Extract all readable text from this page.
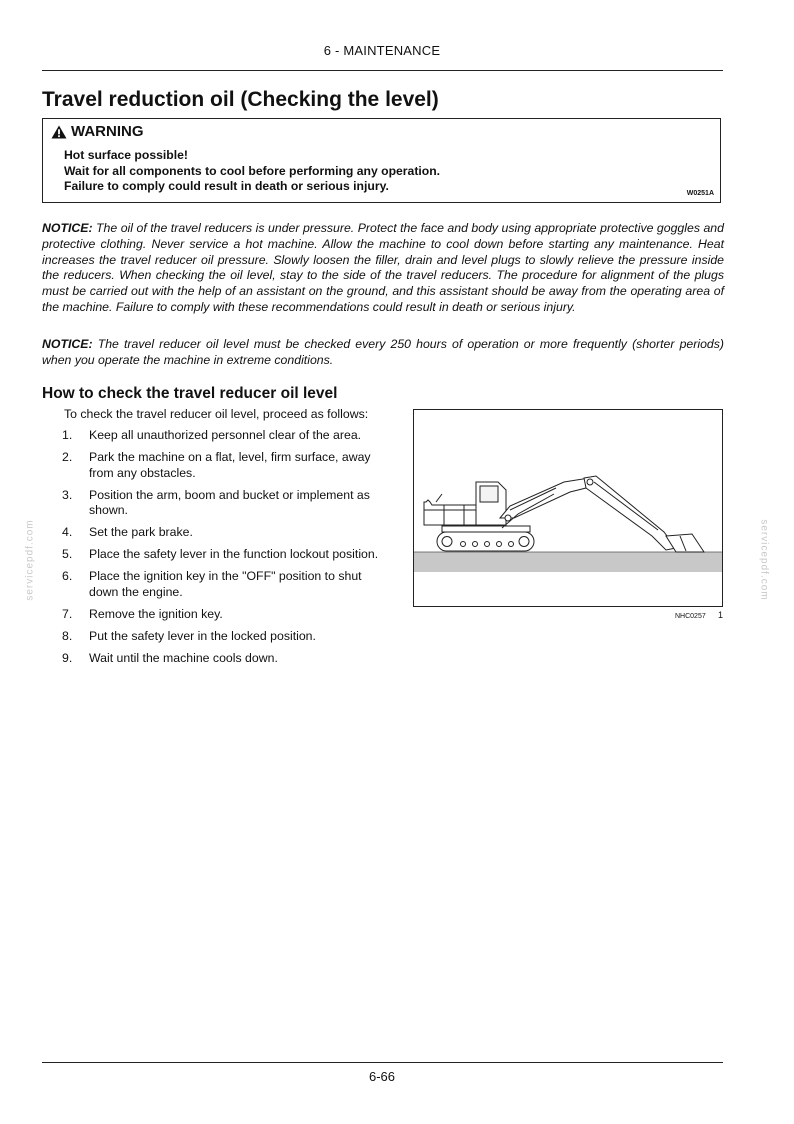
6 - MAINTENANCE
Travel reduction oil (Checking the level)
WARNING
Hot surface possible!
Wait for all components to cool before performing any operation.
Failure to comply could result in death or serious injury.
W0251A

NOTICE: The oil of the travel reducers is under pressure. Protect the face and body using appropriate protective goggles and protective clothing. Never service a hot machine. Allow the machine to cool down before starting any maintenance. Heat increases the travel reducer oil pressure. Slowly loosen the filler, drain and level plugs to slowly relieve the pressure inside the reducers. When checking the oil level, stay to the side of the travel reducers. The procedure for alignment of the plugs must be carried out with the help of an assistant on the ground, and this assistant should be away from the operating area of the machine. Failure to comply with these recommendations could result in death or serious injury.

NOTICE: The travel reducer oil level must be checked every 250 hours of operation or more frequently (shorter periods) when you operate the machine in extreme conditions.

How to check the travel reducer oil level
To check the travel reducer oil level, proceed as follows:
1. Keep all unauthorized personnel clear of the area.
2. Park the machine on a flat, level, firm surface, away from any obstacles.
3. Position the arm, boom and bucket or implement as shown.
4. Set the park brake.
5. Place the safety lever in the function lockout position.
6. Place the ignition key in the "OFF" position to shut down the engine.
7. Remove the ignition key.
8. Put the safety lever in the locked position.
9. Wait until the machine cools down.
NHC0257 1
servicepdf.com	servicepdf.com
6-66
